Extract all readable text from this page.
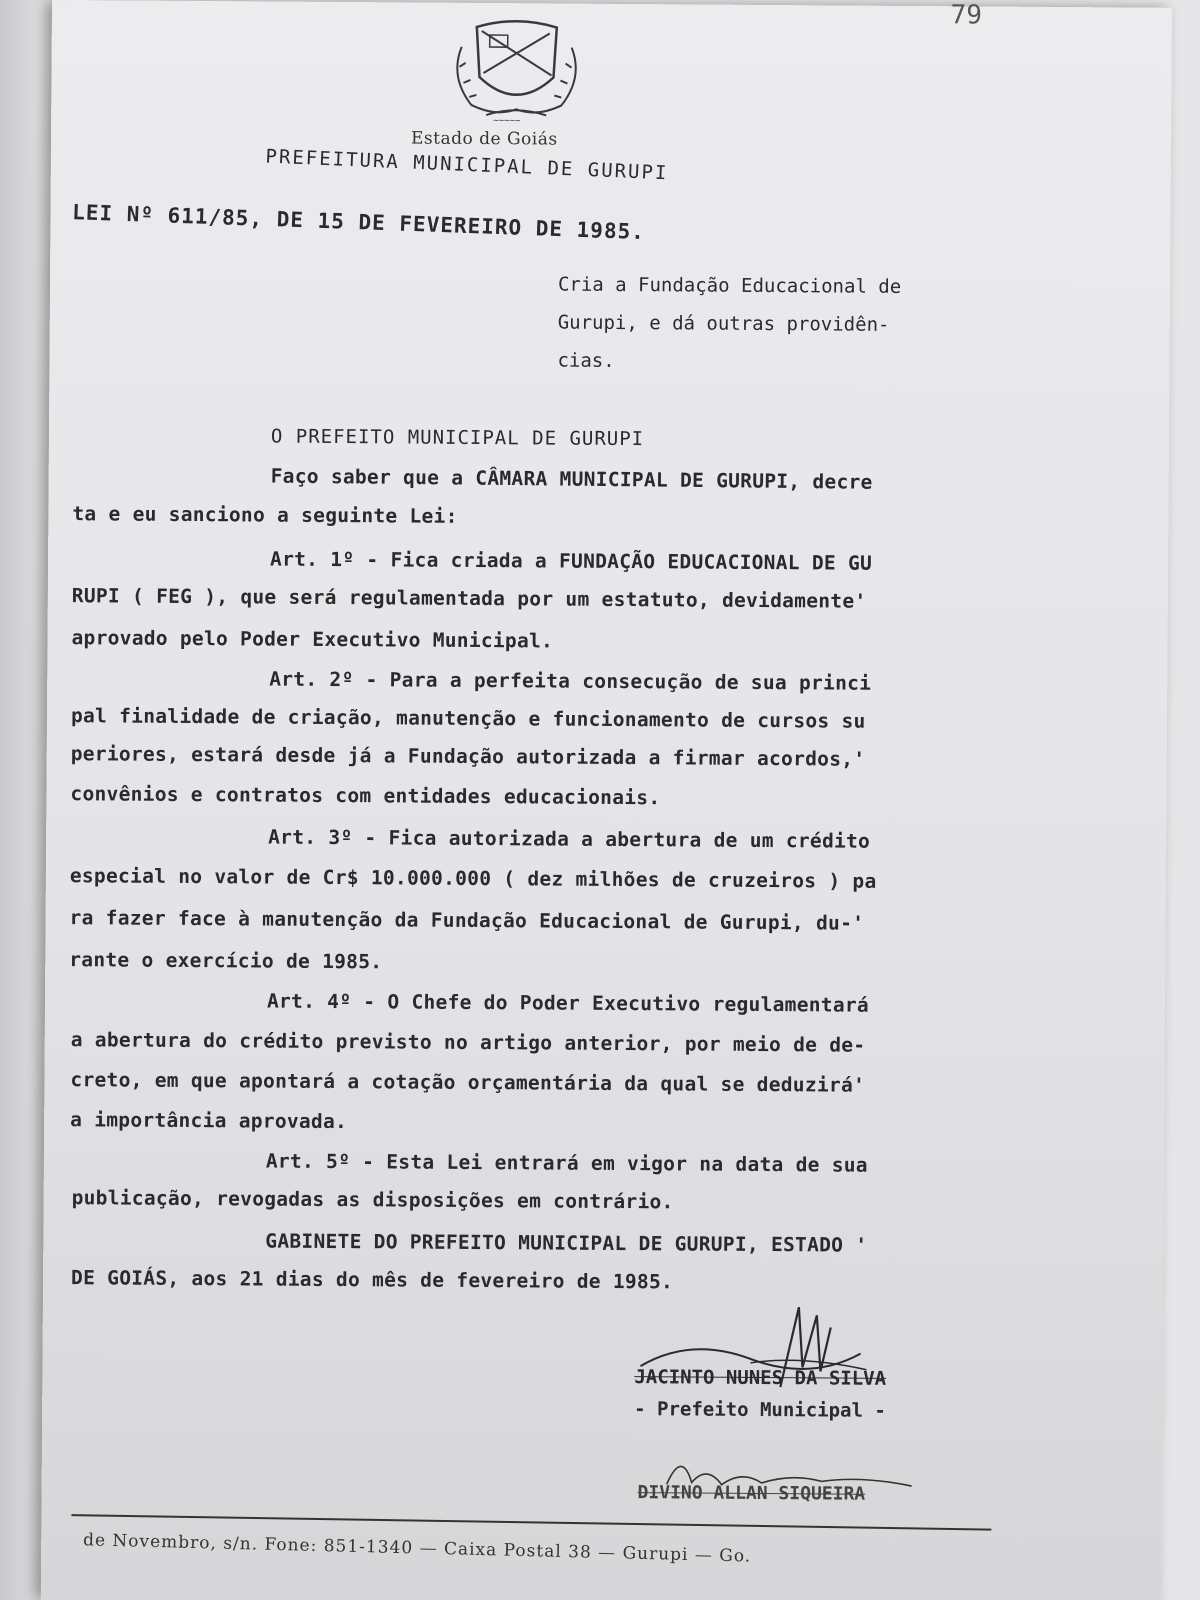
79
~~~~~
Estado de Goiás
PREFEITURA MUNICIPAL DE GURUPI
LEI Nº 611/85, DE 15 DE FEVEREIRO DE 1985.
Cria a Fundação Educacional de
Gurupi, e dá outras providên-
cias.
O PREFEITO MUNICIPAL DE GURUPI
Faço saber que a CÂMARA MUNICIPAL DE GURUPI, decre
ta e eu sanciono a seguinte Lei:
Art. 1º - Fica criada a FUNDAÇÃO EDUCACIONAL DE GU
RUPI ( FEG ), que será regulamentada por um estatuto, devidamente'
aprovado pelo Poder Executivo Municipal.
Art. 2º - Para a perfeita consecução de sua princi
pal finalidade de criação, manutenção e funcionamento de cursos su
periores, estará desde já a Fundação autorizada a firmar acordos,'
convênios e contratos com entidades educacionais.
Art. 3º - Fica autorizada a abertura de um crédito
especial no valor de Cr$ 10.000.000 ( dez milhões de cruzeiros ) pa
ra fazer face à manutenção da Fundação Educacional de Gurupi, du-'
rante o exercício de 1985.
Art. 4º - O Chefe do Poder Executivo regulamentará
a abertura do crédito previsto no artigo anterior, por meio de de-
creto, em que apontará a cotação orçamentária da qual se deduzirá'
a importância aprovada.
Art. 5º - Esta Lei entrará em vigor na data de sua
publicação, revogadas as disposições em contrário.
GABINETE DO PREFEITO MUNICIPAL DE GURUPI, ESTADO '
DE GOIÁS, aos 21 dias do mês de fevereiro de 1985.
JACINTO NUNES DA SILVA
- Prefeito Municipal -
DIVINO ALLAN SIQUEIRA
de Novembro, s/n. Fone: 851-1340 — Caixa Postal 38 — Gurupi — Go.
